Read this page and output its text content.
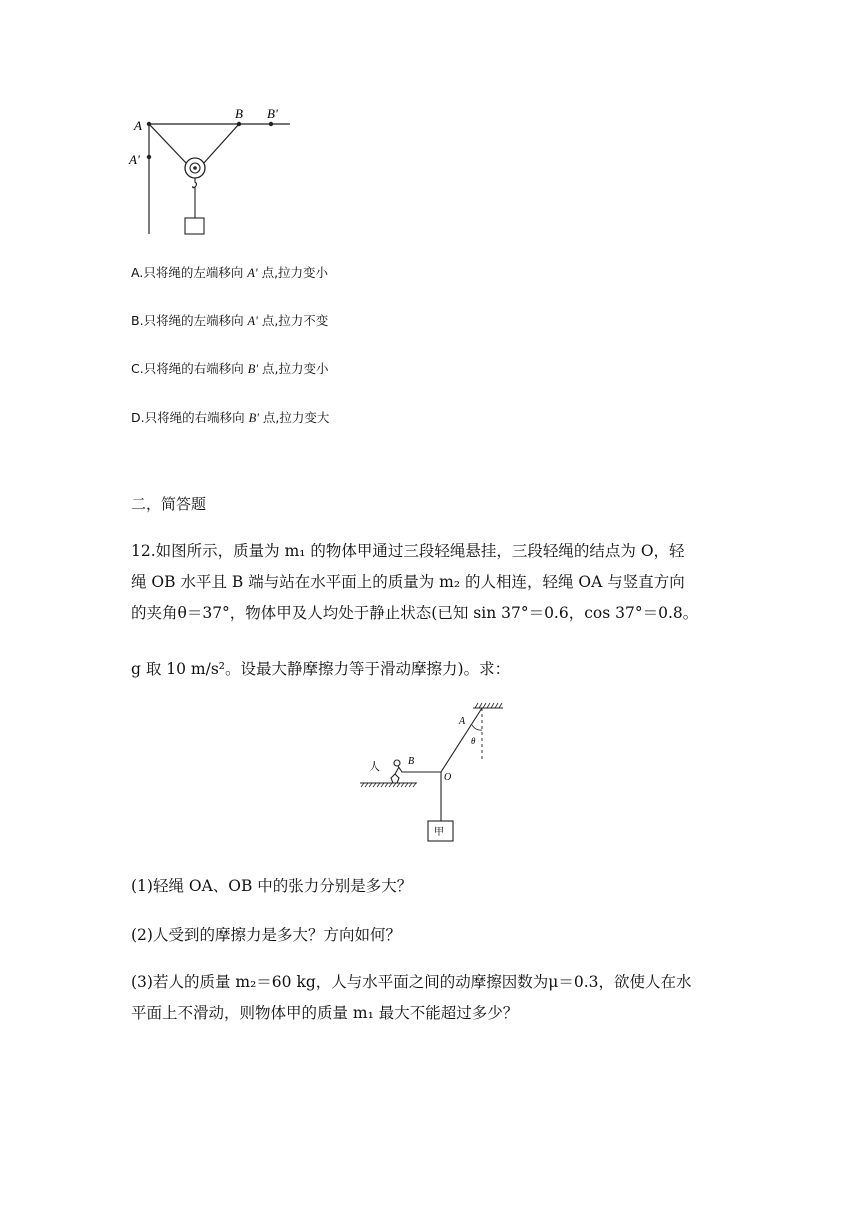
A
B B'
A'
A.只将绳的左端移向 A' 点,拉力变小
B.只将绳的左端移向 A' 点,拉力不变
C.只将绳的右端移向 B' 点,拉力变小
D.只将绳的右端移向 B' 点,拉力变大
二，简答题
12.如图所示，质量为 m₁ 的物体甲通过三段轻绳悬挂，三段轻绳的结点为 O，轻
绳 OB 水平且 B 端与站在水平面上的质量为 m₂ 的人相连，轻绳 OA 与竖直方向
的夹角θ＝37°，物体甲及人均处于静止状态(已知 sin 37°＝0.6，cos 37°＝0.8。
g 取 10 m/s²。设最大静摩擦力等于滑动摩擦力)。求：
A
θ
人	B
O
甲
(1)轻绳 OA、OB 中的张力分别是多大？
(2)人受到的摩擦力是多大？方向如何？
(3)若人的质量 m₂＝60 kg，人与水平面之间的动摩擦因数为μ＝0.3，欲使人在水
平面上不滑动，则物体甲的质量 m₁ 最大不能超过多少？
